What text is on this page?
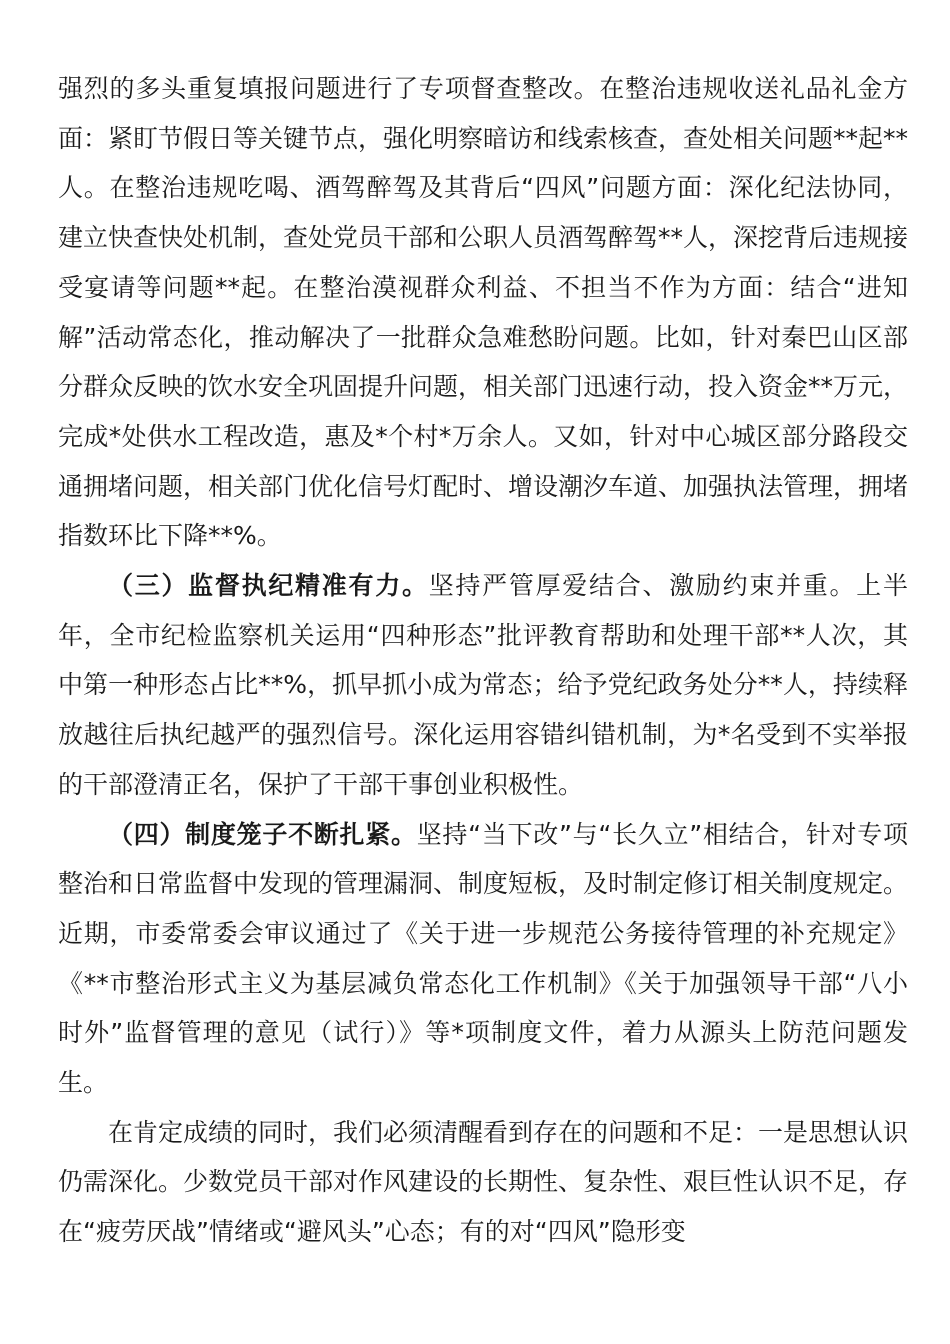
强烈的多头重复填报问题进行了专项督查整改。在整治违规收送礼品礼金方面：紧盯节假日等关键节点，强化明察暗访和线索核查，查处相关问题**起**人。在整治违规吃喝、酒驾醉驾及其背后“四风”问题方面：深化纪法协同，建立快查快处机制，查处党员干部和公职人员酒驾醉驾**人，深挖背后违规接受宴请等问题**起。在整治漠视群众利益、不担当不作为方面：结合“进知解”活动常态化，推动解决了一批群众急难愁盼问题。比如，针对秦巴山区部分群众反映的饮水安全巩固提升问题，相关部门迅速行动，投入资金**万元，完成*处供水工程改造，惠及*个村*万余人。又如，针对中心城区部分路段交通拥堵问题，相关部门优化信号灯配时、增设潮汐车道、加强执法管理，拥堵指数环比下降**%。

（三）监督执纪精准有力。坚持严管厚爱结合、激励约束并重。上半年，全市纪检监察机关运用“四种形态”批评教育帮助和处理干部**人次，其中第一种形态占比**%，抓早抓小成为常态；给予党纪政务处分**人，持续释放越往后执纪越严的强烈信号。深化运用容错纠错机制，为*名受到不实举报的干部澄清正名，保护了干部干事创业积极性。

（四）制度笼子不断扎紧。坚持“当下改”与“长久立”相结合，针对专项整治和日常监督中发现的管理漏洞、制度短板，及时制定修订相关制度规定。近期，市委常委会审议通过了《关于进一步规范公务接待管理的补充规定》《**市整治形式主义为基层减负常态化工作机制》《关于加强领导干部“八小时外”监督管理的意见（试行）》等*项制度文件，着力从源头上防范问题发生。

在肯定成绩的同时，我们必须清醒看到存在的问题和不足：一是思想认识仍需深化。少数党员干部对作风建设的长期性、复杂性、艰巨性认识不足，存在“疲劳厌战”情绪或“避风头”心态；有的对“四风”隐形变
